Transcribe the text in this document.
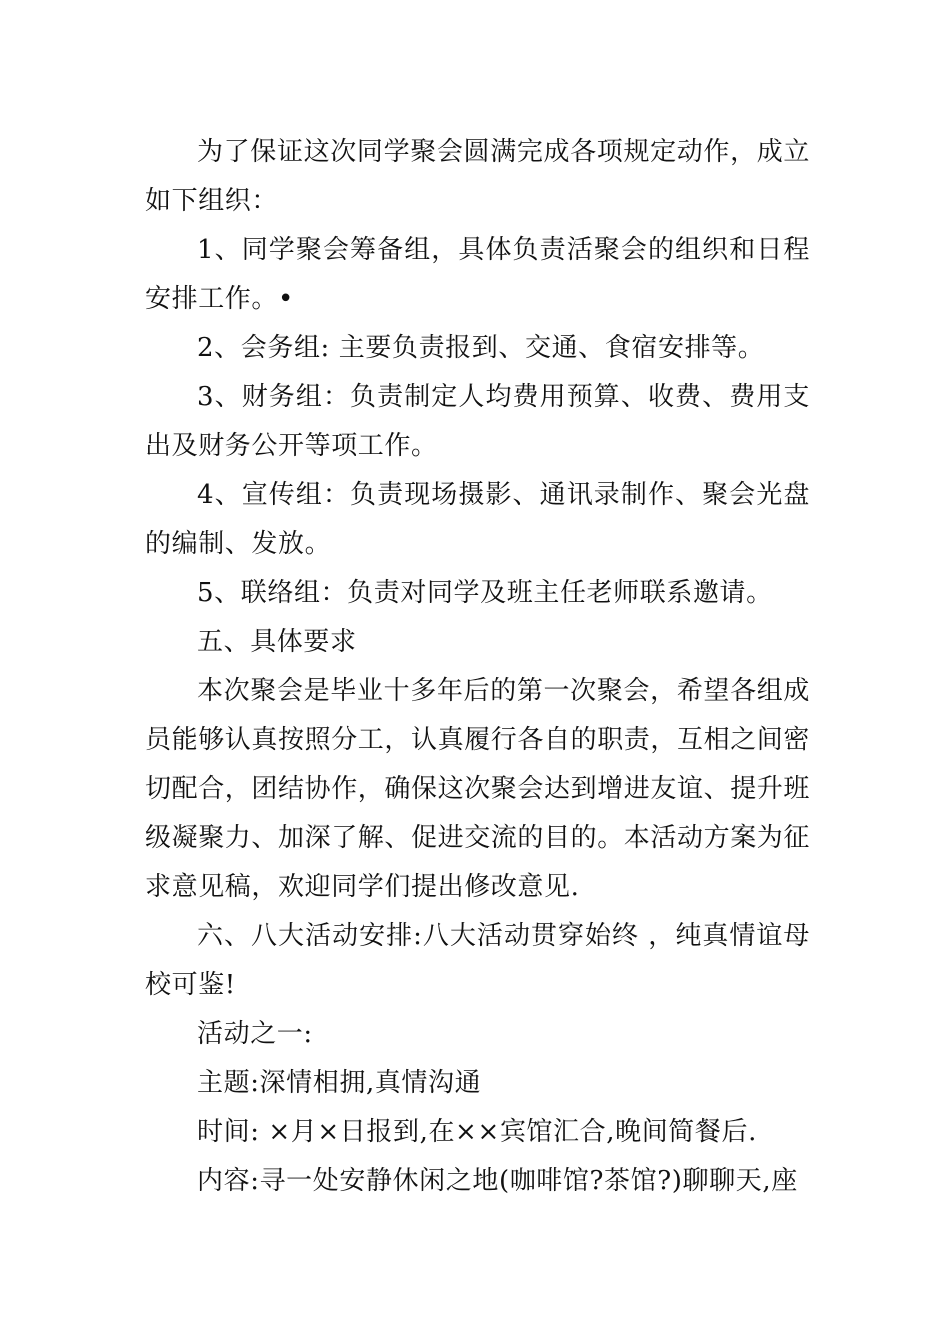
为了保证这次同学聚会圆满完成各项规定动作，成立如下组织：

1、同学聚会筹备组，具体负责活聚会的组织和日程安排工作。•

2、会务组: 主要负责报到、交通、食宿安排等。

3、财务组：负责制定人均费用预算、收费、费用支出及财务公开等项工作。

4、宣传组：负责现场摄影、通讯录制作、聚会光盘的编制、发放。

5、联络组：负责对同学及班主任老师联系邀请。

五、具体要求

本次聚会是毕业十多年后的第一次聚会，希望各组成员能够认真按照分工，认真履行各自的职责，互相之间密切配合，团结协作，确保这次聚会达到增进友谊、提升班级凝聚力、加深了解、促进交流的目的。本活动方案为征求意见稿，欢迎同学们提出修改意见.

六、八大活动安排:八大活动贯穿始终 ，纯真情谊母校可鉴!

活动之一:

主题:深情相拥,真情沟通

时间: ×月×日报到,在××宾馆汇合,晚间简餐后.

内容:寻一处安静休闲之地(咖啡馆?茶馆?)聊聊天,座
